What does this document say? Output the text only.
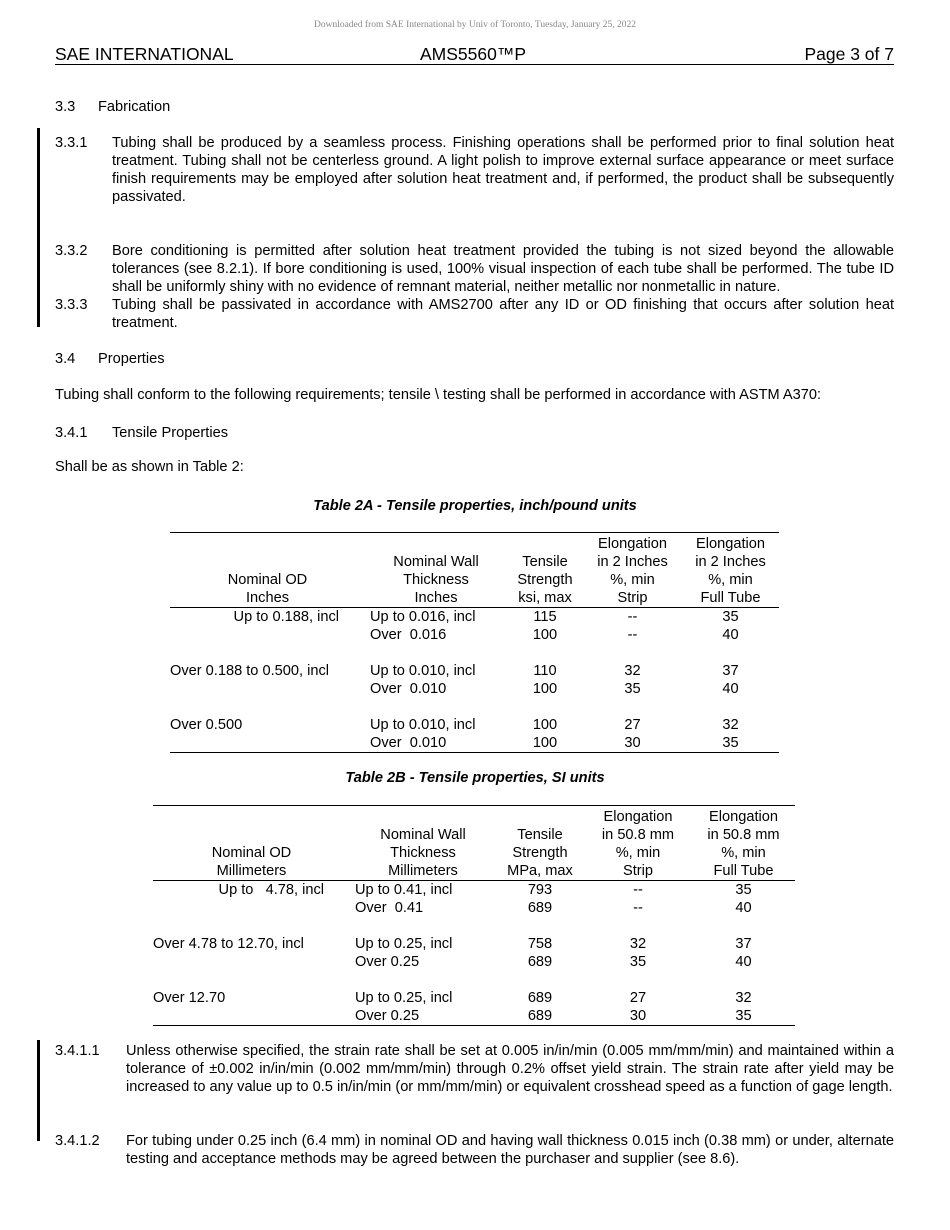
Downloaded from SAE International by Univ of Toronto, Tuesday, January 25, 2022
SAE INTERNATIONAL	AMS5560™P	Page 3 of 7
3.3	Fabrication
3.3.1	Tubing shall be produced by a seamless process. Finishing operations shall be performed prior to final solution heat treatment. Tubing shall not be centerless ground. A light polish to improve external surface appearance or meet surface finish requirements may be employed after solution heat treatment and, if performed, the product shall be subsequently passivated.
3.3.2	Bore conditioning is permitted after solution heat treatment provided the tubing is not sized beyond the allowable tolerances (see 8.2.1). If bore conditioning is used, 100% visual inspection of each tube shall be performed. The tube ID shall be uniformly shiny with no evidence of remnant material, neither metallic nor nonmetallic in nature.
3.3.3	Tubing shall be passivated in accordance with AMS2700 after any ID or OD finishing that occurs after solution heat treatment.
3.4	Properties
Tubing shall conform to the following requirements; tensile \ testing shall be performed in accordance with ASTM A370:
3.4.1	Tensile Properties
Shall be as shown in Table 2:
Table 2A - Tensile properties, inch/pound units
			Elongation	Elongation
	Nominal Wall	Tensile	in 2 Inches	in 2 Inches
Nominal OD	Thickness	Strength	%, min	%, min
Inches	Inches	ksi, max	Strip	Full Tube
Up to 0.188, incl	Up to 0.016, incl	115	--	35
	Over  0.016	100	--	40

Over 0.188 to 0.500, incl	Up to 0.010, incl	110	32	37
	Over  0.010	100	35	40

Over 0.500	Up to 0.010, incl	100	27	32
	Over  0.010	100	30	35
Table 2B - Tensile properties, SI units
			Elongation	Elongation
	Nominal Wall	Tensile	in 50.8 mm	in 50.8 mm
Nominal OD	Thickness	Strength	%, min	%, min
Millimeters	Millimeters	MPa, max	Strip	Full Tube
Up to   4.78, incl	Up to 0.41, incl	793	--	35
	Over  0.41	689	--	40

Over 4.78 to 12.70, incl	Up to 0.25, incl	758	32	37
	Over 0.25	689	35	40

Over 12.70	Up to 0.25, incl	689	27	32
	Over 0.25	689	30	35
3.4.1.1	Unless otherwise specified, the strain rate shall be set at 0.005 in/in/min (0.005 mm/mm/min) and maintained within a tolerance of ±0.002 in/in/min (0.002 mm/mm/min) through 0.2% offset yield strain. The strain rate after yield may be increased to any value up to 0.5 in/in/min (or mm/mm/min) or equivalent crosshead speed as a function of gage length.
3.4.1.2	For tubing under 0.25 inch (6.4 mm) in nominal OD and having wall thickness 0.015 inch (0.38 mm) or under, alternate testing and acceptance methods may be agreed between the purchaser and supplier (see 8.6).
